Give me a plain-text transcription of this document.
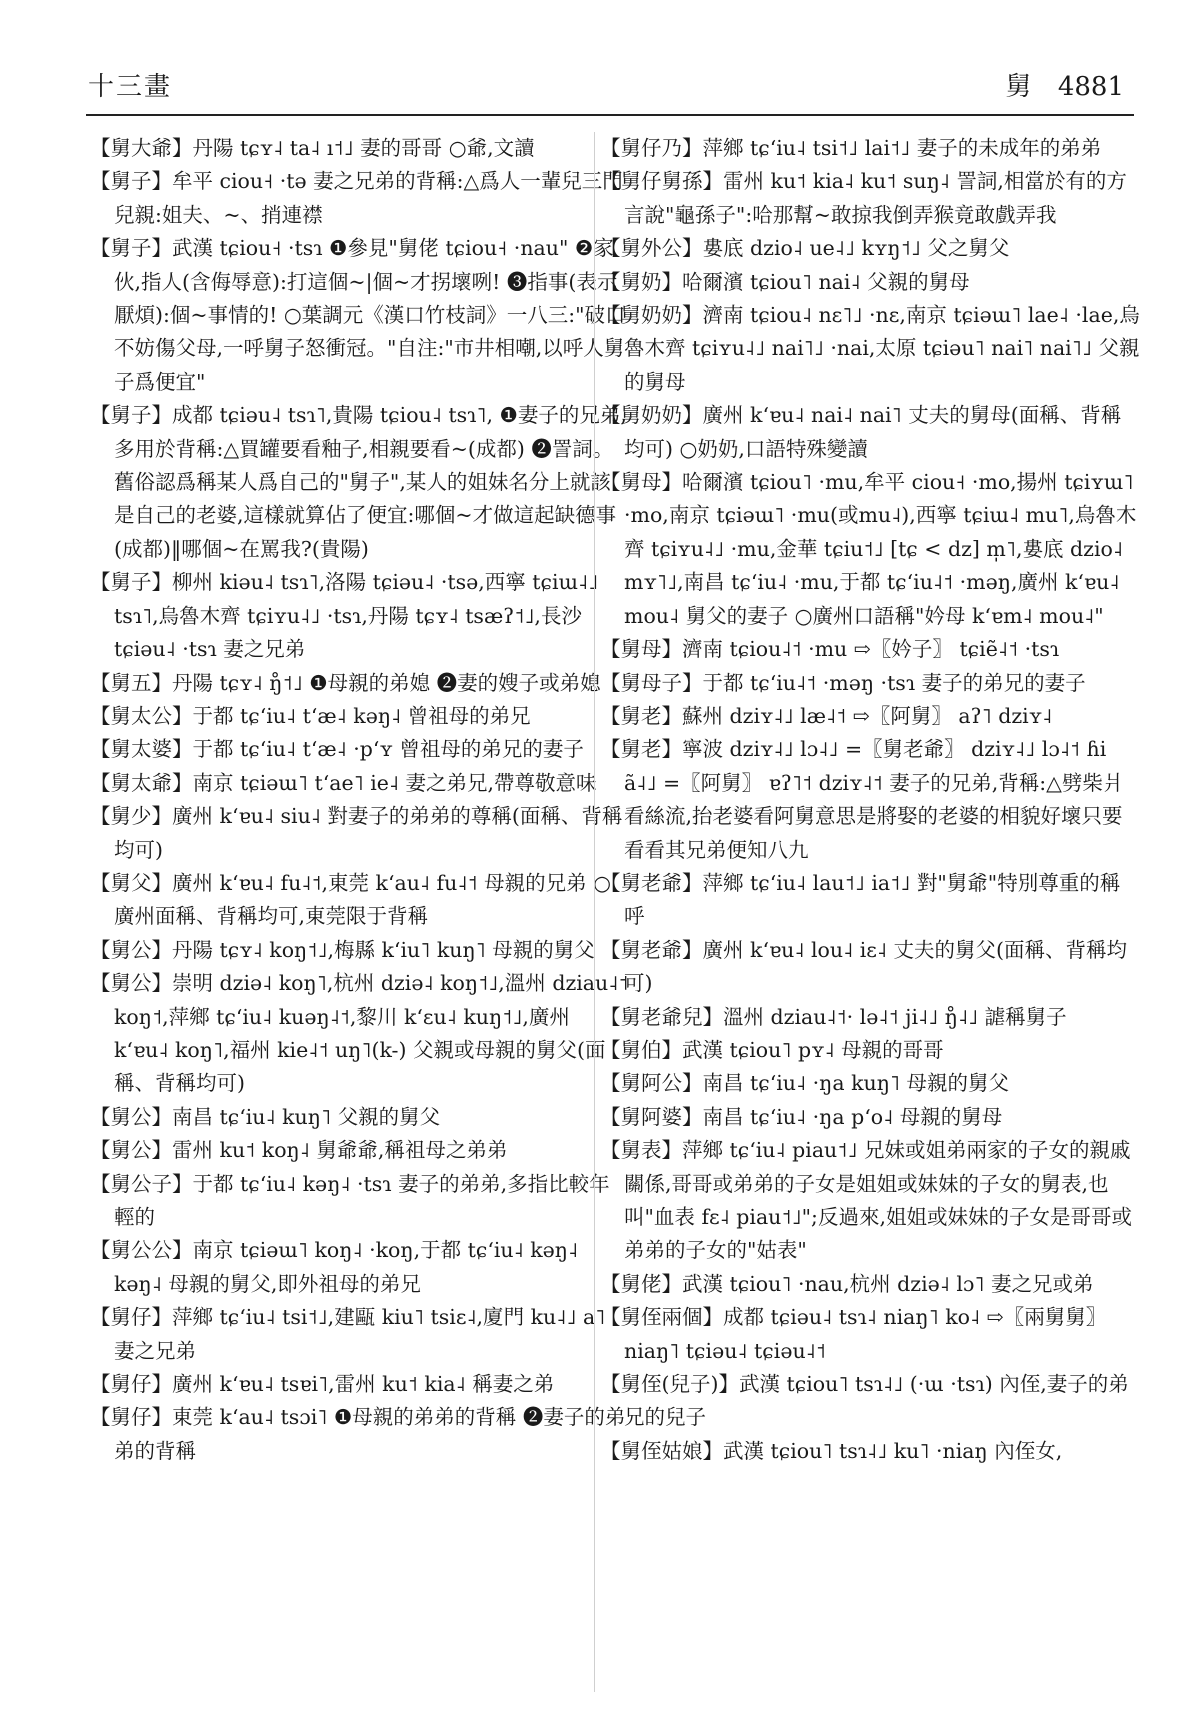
十三畫	舅 4881

【舅大爺】丹陽 tɕʏ˨ ta˨ ı˦˩ 妻的哥哥 ○爺,文讀

【舅子】牟平 ciou˧ ·tə 妻之兄弟的背稱:△爲人一輩兒三門兒親:姐夫、~、捎連襟

【舅子】武漢 tɕiou˧ ·tsɿ ❶參見"舅佬 tɕiou˧ ·nau" ❷家伙,指人(含侮辱意):打這個~|個~才拐壞咧! ❸指事(表示厭煩):個~事情的! ○葉調元《漢口竹枝詞》一八三:"破口不妨傷父母,一呼舅子怒衝冠。"自注:"市井相嘲,以呼人舅子爲便宜"

【舅子】成都 tɕiəu˨ tsɿ˥,貴陽 tɕiou˨ tsɿ˥, ❶妻子的兄弟,多用於背稱:△買罐要看釉子,相親要看~(成都) ❷詈詞。舊俗認爲稱某人爲自己的"舅子",某人的姐妹名分上就該是自己的老婆,這樣就算佔了便宜:哪個~才做這起缺德事(成都)‖哪個~在罵我?(貴陽)

【舅子】柳州 kiəu˨ tsɿ˥,洛陽 tɕiəu˨ ·tsə,西寧 tɕiɯ˨˩ tsɿ˥,烏魯木齊 tɕiʏu˨˩ ·tsɿ,丹陽 tɕʏ˨ tsæʔ˦˩,長沙 tɕiəu˨ ·tsɿ 妻之兄弟

【舅五】丹陽 tɕʏ˨ ŋ̊˦˩ ❶母親的弟媳 ❷妻的嫂子或弟媳

【舅太公】于都 tɕʻiu˨ tʻæ˨ kəŋ˨ 曾祖母的弟兄

【舅太婆】于都 tɕʻiu˨ tʻæ˨ ·pʻʏ 曾祖母的弟兄的妻子

【舅太爺】南京 tɕiəɯ˥ tʻae˥ ie˨ 妻之弟兄,帶尊敬意味

【舅少】廣州 kʻɐu˨ siu˨ 對妻子的弟弟的尊稱(面稱、背稱均可)

【舅父】廣州 kʻɐu˨ fu˨˦,東莞 kʻau˨ fu˨˦ 母親的兄弟 ○廣州面稱、背稱均可,東莞限于背稱

【舅公】丹陽 tɕʏ˨ koŋ˦˩,梅縣 kʻiu˥ kuŋ˥ 母親的舅父

【舅公】崇明 dziə˨ koŋ˥,杭州 dziə˨ koŋ˦˩,溫州 dziau˨˦ koŋ˦,萍鄉 tɕʻiu˨ kuəŋ˨˦,黎川 kʻɛu˨ kuŋ˦˩,廣州 kʻɐu˨ koŋ˥,福州 kie˨˦ uŋ˥(k-) 父親或母親的舅父(面稱、背稱均可)

【舅公】南昌 tɕʻiu˨ kuŋ˥ 父親的舅父

【舅公】雷州 ku˦ koŋ˨ 舅爺爺,稱祖母之弟弟

【舅公子】于都 tɕʻiu˨ kəŋ˨ ·tsɿ 妻子的弟弟,多指比較年輕的

【舅公公】南京 tɕiəɯ˥ koŋ˨ ·koŋ,于都 tɕʻiu˨ kəŋ˨ kəŋ˨ 母親的舅父,即外祖母的弟兄

【舅仔】萍鄉 tɕʻiu˨ tsi˦˩,建甌 kiu˥ tsiɛ˨,廈門 ku˨˩ a˥ 妻之兄弟

【舅仔】廣州 kʻɐu˨ tsɐi˥,雷州 ku˦ kia˨ 稱妻之弟

【舅仔】東莞 kʻau˨ tsɔi˥ ❶母親的弟弟的背稱 ❷妻子的弟弟的背稱

【舅仔乃】萍鄉 tɕʻiu˨ tsi˦˩ lai˦˩ 妻子的未成年的弟弟

【舅仔舅孫】雷州 ku˦ kia˨ ku˦ suŋ˨ 詈詞,相當於有的方言說"龜孫子":哈那幫~敢掠我倒弄猴竟敢戲弄我

【舅外公】婁底 dzio˨ ue˨˩ kʏŋ˦˩ 父之舅父

【舅奶】哈爾濱 tɕiou˥ nai˨ 父親的舅母

【舅奶奶】濟南 tɕiou˨ nɛ˥˩ ·nɛ,南京 tɕiəɯ˥ lae˨ ·lae,烏魯木齊 tɕiʏu˨˩ nai˥˩ ·nai,太原 tɕiəu˥ nai˥ nai˥˩ 父親的舅母

【舅奶奶】廣州 kʻɐu˨ nai˨ nai˥ 丈夫的舅母(面稱、背稱均可) ○奶奶,口語特殊變讀

【舅母】哈爾濱 tɕiou˥ ·mu,牟平 ciou˧ ·mo,揚州 tɕiʏɯ˥ ·mo,南京 tɕiəɯ˥ ·mu(或mu˨),西寧 tɕiɯ˨ mu˥,烏魯木齊 tɕiʏu˨˩ ·mu,金華 tɕiu˦˩ [tɕ < dz] m̩˥,婁底 dzio˨ mʏ˥˩,南昌 tɕʻiu˨ ·mu,于都 tɕʻiu˨˦ ·məŋ,廣州 kʻɐu˨ mou˨ 舅父的妻子 ○廣州口語稱"妗母 kʻɐm˨ mou˨"

【舅母】濟南 tɕiou˨˦ ·mu ⇨〖妗子〗 tɕiẽ˨˦ ·tsɿ

【舅母子】于都 tɕʻiu˨˦ ·məŋ ·tsɿ 妻子的弟兄的妻子

【舅老】蘇州 dziʏ˨˩ læ˨˦ ⇨〖阿舅〗 aʔ˥ dziʏ˨

【舅老】寧波 dziʏ˨˩ lɔ˨˩ =〖舅老爺〗 dziʏ˨˩ lɔ˨˦ ɦi ã˨˩ =〖阿舅〗 ɐʔ˥˦ dziʏ˨˦ 妻子的兄弟,背稱:△劈柴爿看絲流,抬老婆看阿舅意思是將娶的老婆的相貌好壞只要看看其兄弟便知八九

【舅老爺】萍鄉 tɕʻiu˨ lau˦˩ ia˦˩ 對"舅爺"特別尊重的稱呼

【舅老爺】廣州 kʻɐu˨ lou˨ iɛ˨ 丈夫的舅父(面稱、背稱均可)

【舅老爺兒】溫州 dziau˨˦· lə˨˦ ji˨˩ ŋ̊˨˩ 謔稱舅子

【舅伯】武漢 tɕiou˥ pʏ˨ 母親的哥哥

【舅阿公】南昌 tɕʻiu˨ ·ŋa kuŋ˥ 母親的舅父

【舅阿婆】南昌 tɕʻiu˨ ·ŋa pʻo˨ 母親的舅母

【舅表】萍鄉 tɕʻiu˨ piau˦˩ 兄妹或姐弟兩家的子女的親戚關係,哥哥或弟弟的子女是姐姐或妹妹的子女的舅表,也叫"血表 fɛ˨ piau˦˩";反過來,姐姐或妹妹的子女是哥哥或弟弟的子女的"姑表"

【舅佬】武漢 tɕiou˥ ·nau,杭州 dziə˨ lɔ˥ 妻之兄或弟

【舅侄兩個】成都 tɕiəu˨ tsɿ˨ niaŋ˥ ko˨ ⇨〖兩舅舅〗 niaŋ˥ tɕiəu˨ tɕiəu˨˦

【舅侄(兒子)】武漢 tɕiou˥ tsɿ˨˩ (·ɯ ·tsɿ) 內侄,妻子的弟兄的兒子

【舅侄姑娘】武漢 tɕiou˥ tsɿ˨˩ ku˥ ·niaŋ 內侄女,
